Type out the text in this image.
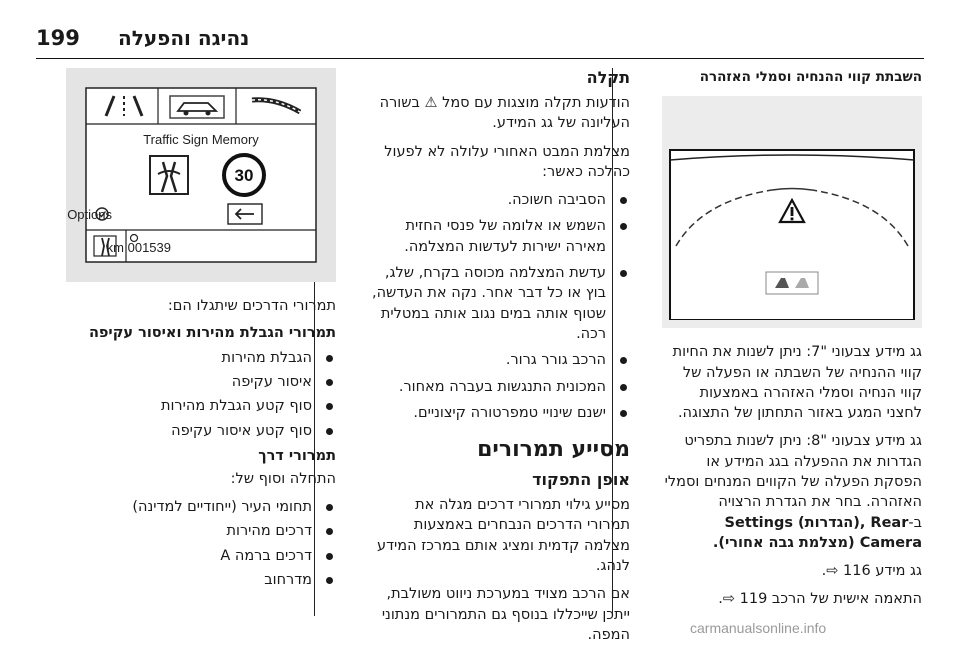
199 נהיגה והפעלה
השבתת קווי ההנחיה וסמלי האזהרה

גג מידע צבעוני "7: ניתן לשנות את החיות קווי ההנחיה של השבתה או הפעלה של קווי הנחיה וסמלי האזהרה באמצעות לחצני המגע באזור התחתון של התצוגה.

גג מידע צבעוני "8: ניתן לשנות בתפריט הגדרות את ההפעלה בגג המידע או הפסקת הפעלה של הקווים המנחים וסמלי האזהרה. בחר את הגדרת הרצויה ב-Settings (הגדרות), Rear Camera (מצלמת גבה אחורי).

גג מידע 116 ⇨.

התאמה אישית של הרכב 119 ⇨.

תקלה

הודעות תקלה מוצגות עם סמל ⚠ בשורה העליונה של גג המידע.

מצלמת המבט האחורי עלולה לא לפעול כהלכה כאשר:

הסביבה חשוכה.
השמש או אלומה של פנסי החזית מאירה ישירות לעדשות המצלמה.
עדשת המצלמה מכוסה בקרח, שלג, בוץ או כל דבר אחר. נקה את העדשה, שטוף אותה במים נגוב אותה במטלית רכה.
הרכב גורר גרור.
המכונית התנגשות בעברה מאחור.
ישנם שינויי טמפרטורה קיצוניים.
מסייע תמרורים
אופן התפקוד

מסייע גילוי תמרורי דרכים מגלה את תמרורי הדרכים הנבחרים באמצעות מצלמה קדמית ומציג אותם במרכז המידע לנהג.

אם הרכב מצויד במערכת ניווט משולבת, ייתכן שייכללו בנוסף גם התמרורים מנתוני המפה.

Traffic Sign Memory
30
Options
001539 km

תמרורי הדרכים שיתגלו הם:

תמרורי הגבלת מהירות ואיסור עקיפה

הגבלת מהירות
איסור עקיפה
סוף קטע הגבלת מהירות
סוף קטע איסור עקיפה

תמרורי דרך

התחלה וסוף של:

תחומי העיר (ייחודיים למדינה)
דרכים מהירות
דרכים ברמה A
מדרחוב
carmanualsonline.info
